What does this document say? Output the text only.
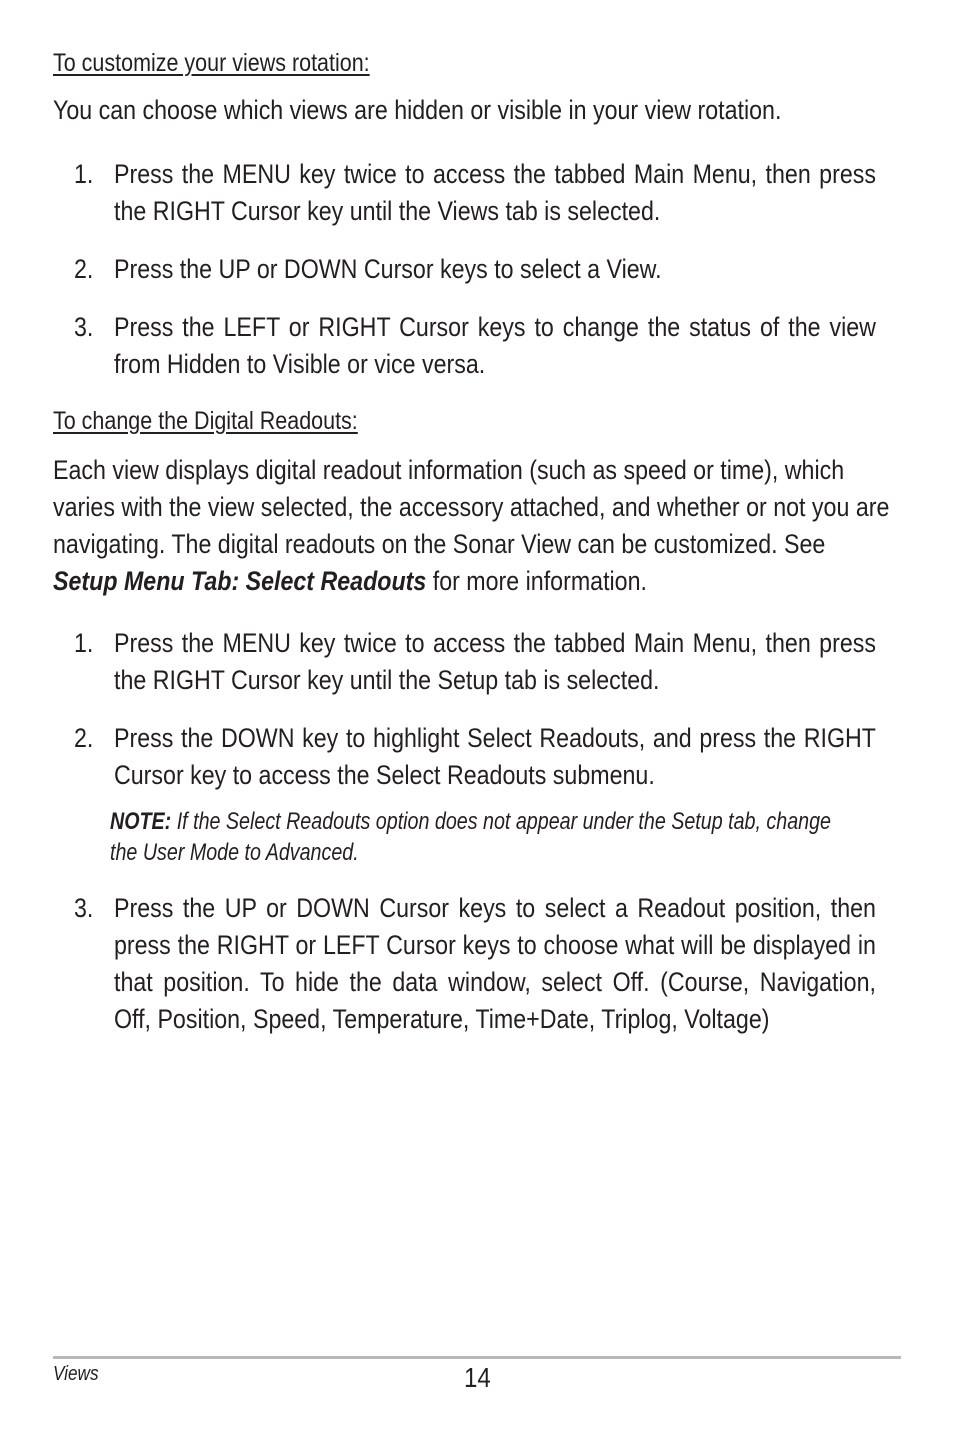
To customize your views rotation:

You can choose which views are hidden or visible in your view rotation.

1. Press the MENU key twice to access the tabbed Main Menu, then press the RIGHT Cursor key until the Views tab is selected.

2. Press the UP or DOWN Cursor keys to select a View.

3. Press the LEFT or RIGHT Cursor keys to change the status of the view from Hidden to Visible or vice versa.

To change the Digital Readouts:

Each view displays digital readout information (such as speed or time), which varies with the view selected, the accessory attached, and whether or not you are navigating. The digital readouts on the Sonar View can be customized. See
Setup Menu Tab: Select Readouts for more information.

1. Press the MENU key twice to access the tabbed Main Menu, then press the RIGHT Cursor key until the Setup tab is selected.

2. Press the DOWN key to highlight Select Readouts, and press the RIGHT Cursor key to access the Select Readouts submenu.

NOTE: If the Select Readouts option does not appear under the Setup tab, change the User Mode to Advanced.

3. Press the UP or DOWN Cursor keys to select a Readout position, then press the RIGHT or LEFT Cursor keys to choose what will be displayed in that position. To hide the data window, select Off. (Course, Navigation, Off, Position, Speed, Temperature, Time+Date, Triplog, Voltage)

Views	14
